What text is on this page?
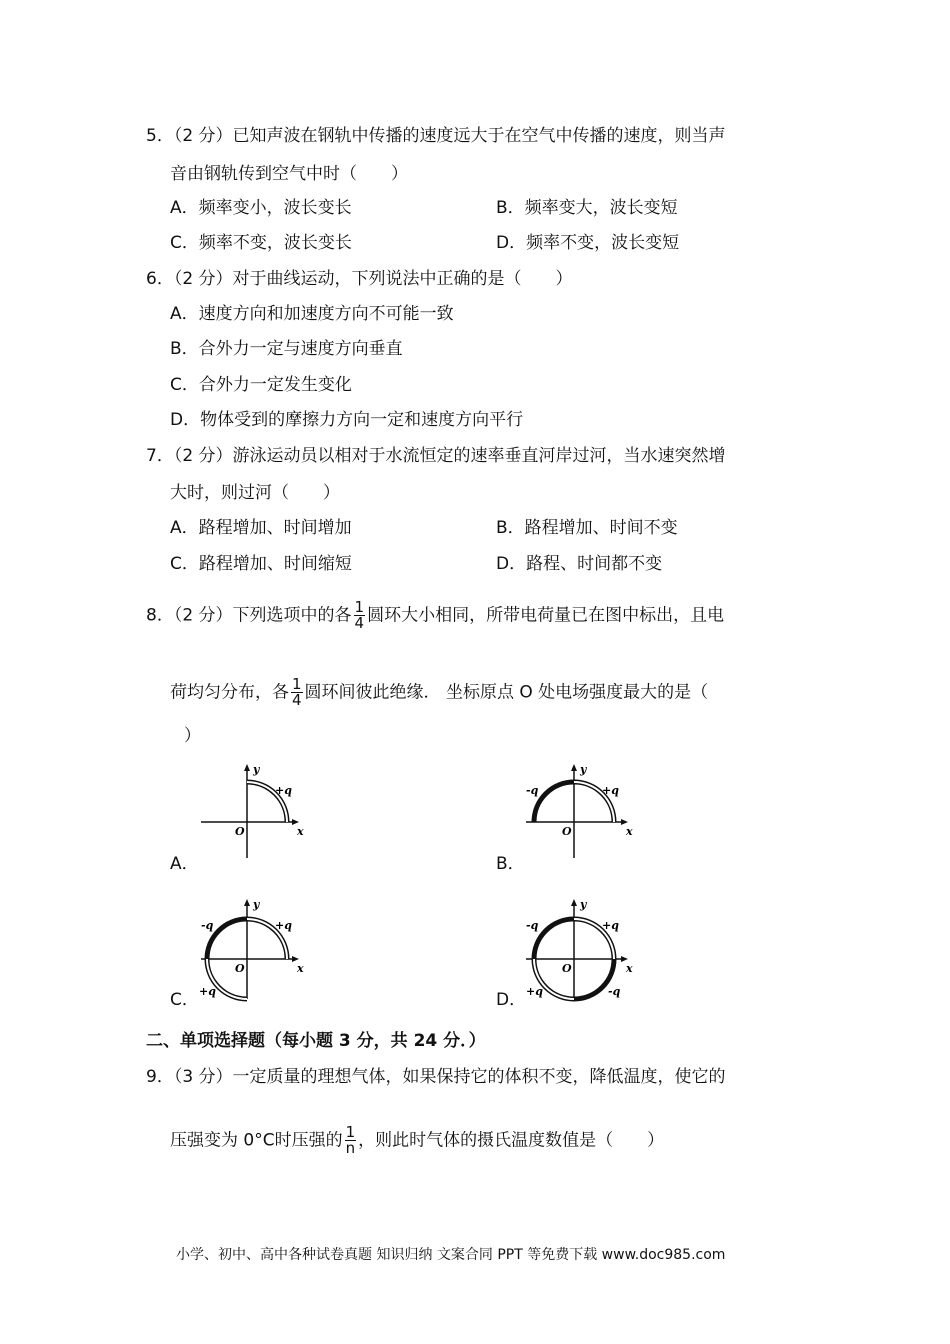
5．（2 分）已知声波在钢轨中传播的速度远大于在空气中传播的速度，则当声
音由钢轨传到空气中时（　　）
A．频率变小，波长变长	B．频率变大，波长变短
C．频率不变，波长变长	D．频率不变，波长变短
6．（2 分）对于曲线运动，下列说法中正确的是（　　）
A．速度方向和加速度方向不可能一致
B．合外力一定与速度方向垂直
C．合外力一定发生变化
D．物体受到的摩擦力方向一定和速度方向平行
7．（2 分）游泳运动员以相对于水流恒定的速率垂直河岸过河，当水速突然增
大时，则过河（　　）
A．路程增加、时间增加	B．路程增加、时间不变
C．路程增加、时间缩短	D．路程、时间都不变
8．（2 分）下列选项中的各 $\frac{1}{4}$ 圆环大小相同，所带电荷量已在图中标出，且电
荷均匀分布，各 $\frac{1}{4}$ 圆环间彼此绝缘． 坐标原点 O 处电场强度最大的是（
）
y
x
O
+q
A．
y
x
O
+q
-q
B．
y
x
O
+q
-q
+q
C．
y
x
O
+q
-q
+q	-q
D．
二、单项选择题（每小题 3 分，共 24 分．）
9．（3 分）一定质量的理想气体，如果保持它的体积不变，降低温度，使它的
压强变为 0°C时压强的 $\frac{1}{n}$ ，则此时气体的摄氏温度数值是（　　）
小学、初中、高中各种试卷真题 知识归纳 文案合同 PPT 等免费下载 www.doc985.com
